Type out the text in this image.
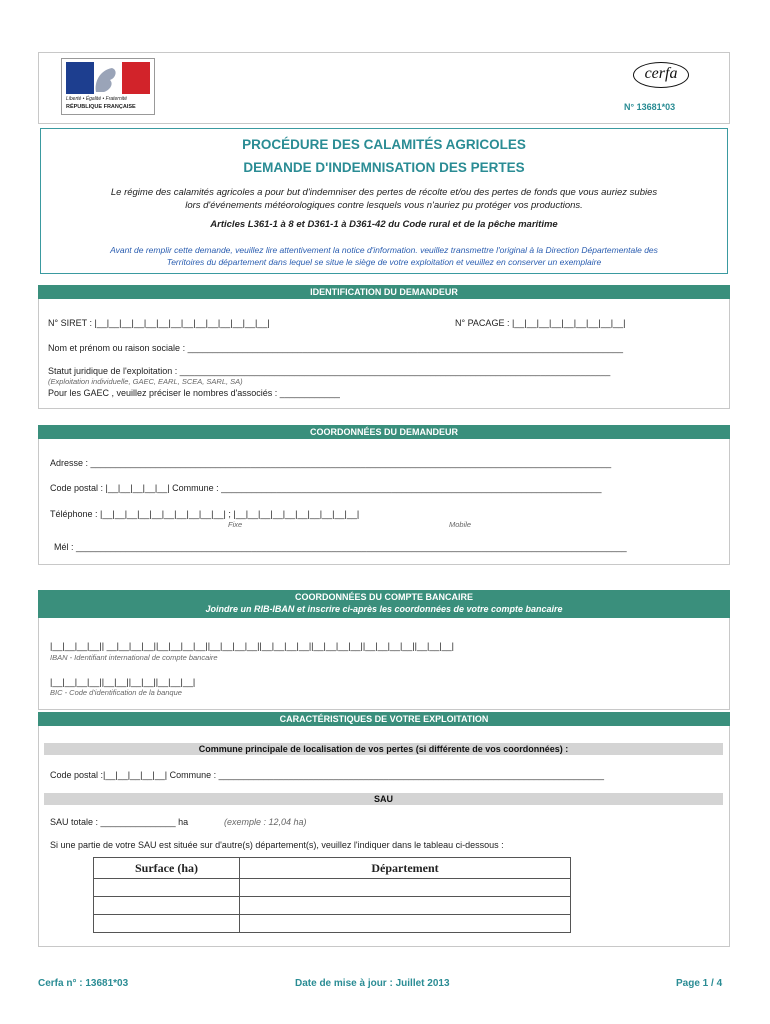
Liberté • Égalité • Fraternité
RÉPUBLIQUE FRANÇAISE
cerfa
N° 13681*03
PROCÉDURE DES CALAMITÉS AGRICOLES
DEMANDE D'INDEMNISATION DES PERTES
Le régime des calamités agricoles a pour but d'indemniser des pertes de récolte et/ou des pertes de fonds que vous auriez subies
lors d'événements météorologiques contre lesquels vous n'auriez pu protéger vos productions.
Articles L361-1 à 8 et D361-1 à D361-42 du Code rural et de la pêche maritime
Avant de remplir cette demande, veuillez lire attentivement la notice d'information. veuillez transmettre l'original à la Direction Départementale des
Territoires du département dans lequel se situe le siège de votre exploitation et veuillez en conserver un exemplaire
IDENTIFICATION DU DEMANDEUR
N° SIRET : |__|__|__|__|__|__|__|__|__|__|__|__|__|__|	N° PACAGE : |__|__|__|__|__|__|__|__|__|
Nom et prénom ou raison sociale : _______________________________________________________________________________________
Statut juridique de l'exploitation : ______________________________________________________________________________________
(Exploitation individuelle, GAEC, EARL, SCEA, SARL, SA)
Pour les GAEC , veuillez préciser le nombres d'associés : ____________
COORDONNÉES DU DEMANDEUR
Adresse : ________________________________________________________________________________________________________
Code postal : |__|__|__|__|__| Commune : ____________________________________________________________________________
Téléphone : |__|__|__|__|__|__|__|__|__|__| ; |__|__|__|__|__|__|__|__|__|__|
Fixe	Mobile
Mél : ______________________________________________________________________________________________________________
COORDONNÉES DU COMPTE BANCAIRE
Joindre un RIB-IBAN et inscrire ci-après les coordonnées de votre compte bancaire
|__|__|__|__|| __|__|__|__||__|__|__|__||__|__|__|__||__|__|__|__||__|__|__|__||__|__|__|__||__|__|__|
IBAN - Identifiant international de compte bancaire
|__|__|__|__||__|__||__|__||__|__|__|
BIC - Code d'identification de la banque
CARACTÉRISTIQUES DE VOTRE EXPLOITATION
Commune principale de localisation de vos pertes (si différente de vos coordonnées) :
Code postal :|__|__|__|__|__| Commune : _____________________________________________________________________________
SAU
SAU totale : _______________ ha	(exemple : 12,04 ha)
Si une partie de votre SAU est située sur d'autre(s) département(s), veuillez l'indiquer dans le tableau ci-dessous :
Surface (ha)	Département

Cerfa n° : 13681*03	Date de mise à jour : Juillet 2013	Page 1 / 4
